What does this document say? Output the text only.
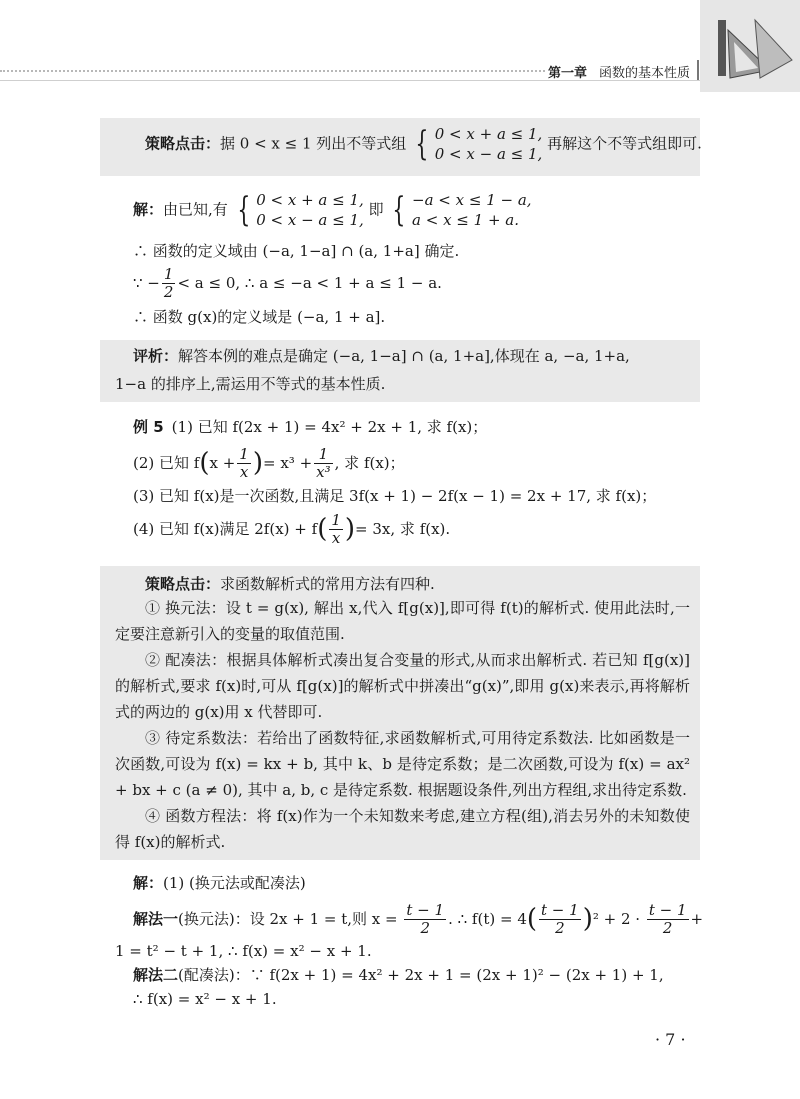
第一章 函数的基本性质
策略点击：据 0 < x ≤ 1 列出不等式组 { 0 < x + a ≤ 1,
0 < x − a ≤ 1, 再解这个不等式组即可.
解：由已知,有 { 0 < x + a ≤ 1,
0 < x − a ≤ 1, 即 { −a < x ≤ 1 − a,
a < x ≤ 1 + a.
∴ 函数的定义域由 (−a, 1−a] ∩ (a, 1+a] 确定.
∵ − $\frac{1}{2} < a \le 0$, ∴ a ≤ −a < 1 + a ≤ 1 − a.
∴ 函数 g(x)的定义域是 (−a, 1 + a].
评析：解答本例的难点是确定 (−a, 1−a] ∩ (a, 1+a],体现在 a, −a, 1+a,
1−a 的排序上,需运用不等式的基本性质.
例 5 (1) 已知 f(2x + 1) = 4x² + 2x + 1, 求 f(x)；
(2) 已知 $f(x + \frac{1}{x}$ )= $x^3 + \frac{1}{\text{x³}}$ , 求 f(x)；
(3) 已知 f(x)是一次函数,且满足 3f(x + 1) − 2f(x − 1) = 2x + 17, 求 f(x)；
(4) 已知 f(x)满足 $2f(x) + f( \frac{1}{x}$ )= 3x, 求 f(x).
策略点击：求函数解析式的常用方法有四种.
① 换元法：设 t = g(x), 解出 x,代入 f[g(x)],即可得 f(t)的解析式. 使用此法时,一定要注意新引入的变量的取值范围.
② 配凑法：根据具体解析式凑出复合变量的形式,从而求出解析式. 若已知 f[g(x)]的解析式,要求 f(x)时,可从 f[g(x)]的解析式中拼凑出“g(x)”,即用 g(x)来表示,再将解析式的两边的 g(x)用 x 代替即可.
③ 待定系数法：若给出了函数特征,求函数解析式,可用待定系数法. 比如函数是一次函数,可设为 f(x) = kx + b, 其中 k、b 是待定系数；是二次函数,可设为 f(x) = ax² + bx + c (a ≠ 0), 其中 a, b, c 是待定系数. 根据题设条件,列出方程组,求出待定系数.
④ 函数方程法：将 f(x)作为一个未知数来考虑,建立方程(组),消去另外的未知数使得 f(x)的解析式.
解：(1) (换元法或配凑法)
解法一(换元法)：设 2x + 1 = t,则 $x = \frac{t - 1}{2}$ . ∴ $f(t) = 4( \frac{t - 1}{2} )^2 + 2 \cdot \frac{t - 1}{2}$ +
1 = t² − t + 1, ∴ f(x) = x² − x + 1.
解法二(配凑法)：∵ f(2x + 1) = 4x² + 2x + 1 = (2x + 1)² − (2x + 1) + 1,
∴ f(x) = x² − x + 1.
· 7 ·
